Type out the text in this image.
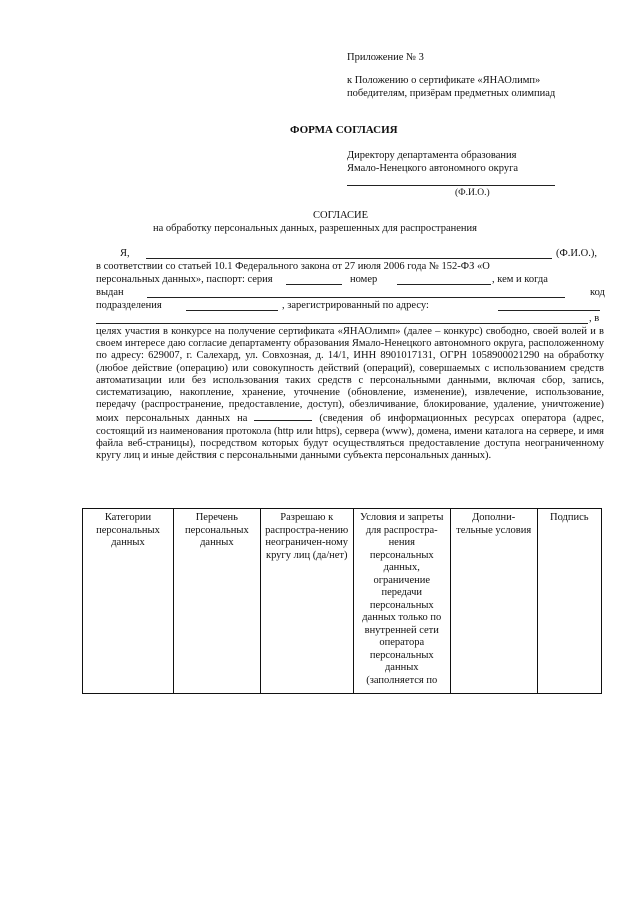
Приложение № 3
к Положению о сертификате «ЯНАОлимп»
победителям, призёрам предметных олимпиад
ФОРМА СОГЛАСИЯ
Директору департамента образования
Ямало-Ненецкого автономного округа
(Ф.И.О.)
СОГЛАСИЕ
на обработку персональных данных, разрешенных для распространения
Я,	(Ф.И.О.),
в соответствии со статьей 10.1 Федерального закона от 27 июля 2006 года № 152-ФЗ «О
персональных данных», паспорт: серия	номер	, кем и когда
выдан	код
подразделения	, зарегистрированный по адресу:
, в
целях участия в конкурсе на получение сертификата «ЯНАОлимп» (далее – конкурс) свободно, своей волей и в своем интересе даю согласие департаменту образования Ямало-Ненецкого автономного округа, расположенному по адресу: 629007, г. Салехард, ул. Совхозная, д. 14/1, ИНН 8901017131, ОГРН 1058900021290 на обработку (любое действие (операцию) или совокупность действий (операций), совершаемых с использованием средств автоматизации или без использования таких средств с персональными данными, включая сбор, запись, систематизацию, накопление, хранение, уточнение (обновление, изменение), извлечение, использование, передачу (распространение, предоставление, доступ), обезличивание, блокирование, удаление, уничтожение) моих персональных данных на	(сведения об информационных ресурсах оператора (адрес, состоящий из наименования протокола (http или https), сервера (www), домена, имени каталога на сервере, и имя файла веб-страницы), посредством которых будут осуществляться предоставление доступа неограниченному кругу лиц и иные действия с персональными данными субъекта персональных данных).
Категории персональных данных	Перечень персональных данных	Разрешаю к распростра-нению неограничен-ному кругу лиц (да/нет)	Условия и запреты для распростра-нения персональных данных, ограничение передачи персональных данных только по внутренней сети оператора персональных данных (заполняется по	Дополни-тельные условия	Подпись
